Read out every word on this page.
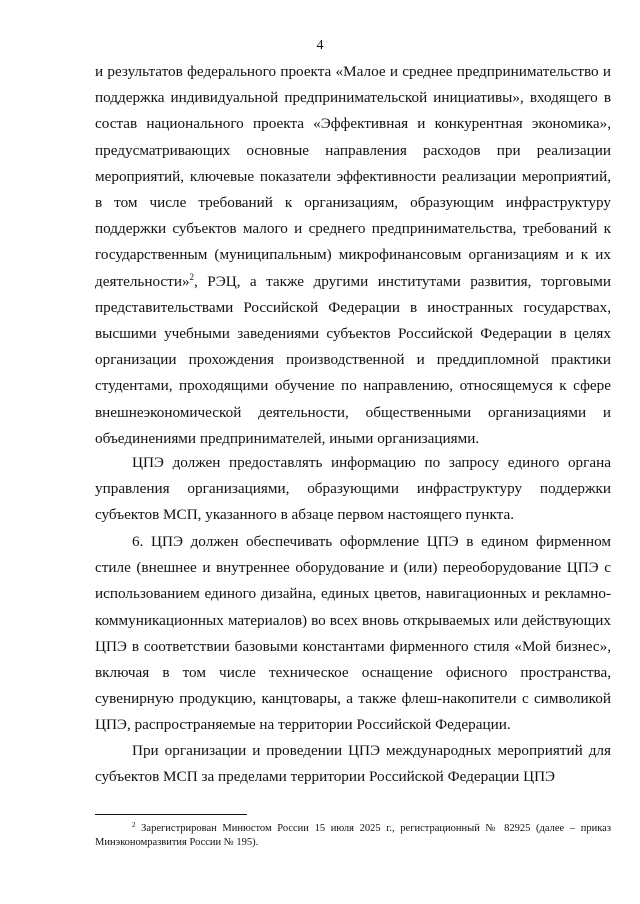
4

и результатов федерального проекта «Малое и среднее предпринимательство и поддержка индивидуальной предпринимательской инициативы», входящего в состав национального проекта «Эффективная и конкурентная экономика», предусматривающих основные направления расходов при реализации мероприятий, ключевые показатели эффективности реализации мероприятий, в том числе требований к организациям, образующим инфраструктуру поддержки субъектов малого и среднего предпринимательства, требований к государственным (муниципальным) микрофинансовым организациям и к их деятельности»$^2$, РЭЦ, а также другими институтами развития, торговыми представительствами Российской Федерации в иностранных государствах, высшими учебными заведениями субъектов Российской Федерации в целях организации прохождения производственной и преддипломной практики студентами, проходящими обучение по направлению, относящемуся к сфере внешнеэкономической деятельности, общественными организациями и объединениями предпринимателей, иными организациями.

ЦПЭ должен предоставлять информацию по запросу единого органа управления организациями, образующими инфраструктуру поддержки субъектов МСП, указанного в абзаце первом настоящего пункта.

6. ЦПЭ должен обеспечивать оформление ЦПЭ в едином фирменном стиле (внешнее и внутреннее оборудование и (или) переоборудование ЦПЭ с использованием единого дизайна, единых цветов, навигационных и рекламно-коммуникационных материалов) во всех вновь открываемых или действующих ЦПЭ в соответствии базовыми константами фирменного стиля «Мой бизнес», включая в том числе техническое оснащение офисного пространства, сувенирную продукцию, канцтовары, а также флеш-накопители с символикой ЦПЭ, распространяемые на территории Российской Федерации.

При организации и проведении ЦПЭ международных мероприятий для субъектов МСП за пределами территории Российской Федерации ЦПЭ

$^2$ Зарегистрирован Минюстом России 15 июля 2025 г., регистрационный № 82925 (далее – приказ Минэкономразвития России № 195).
